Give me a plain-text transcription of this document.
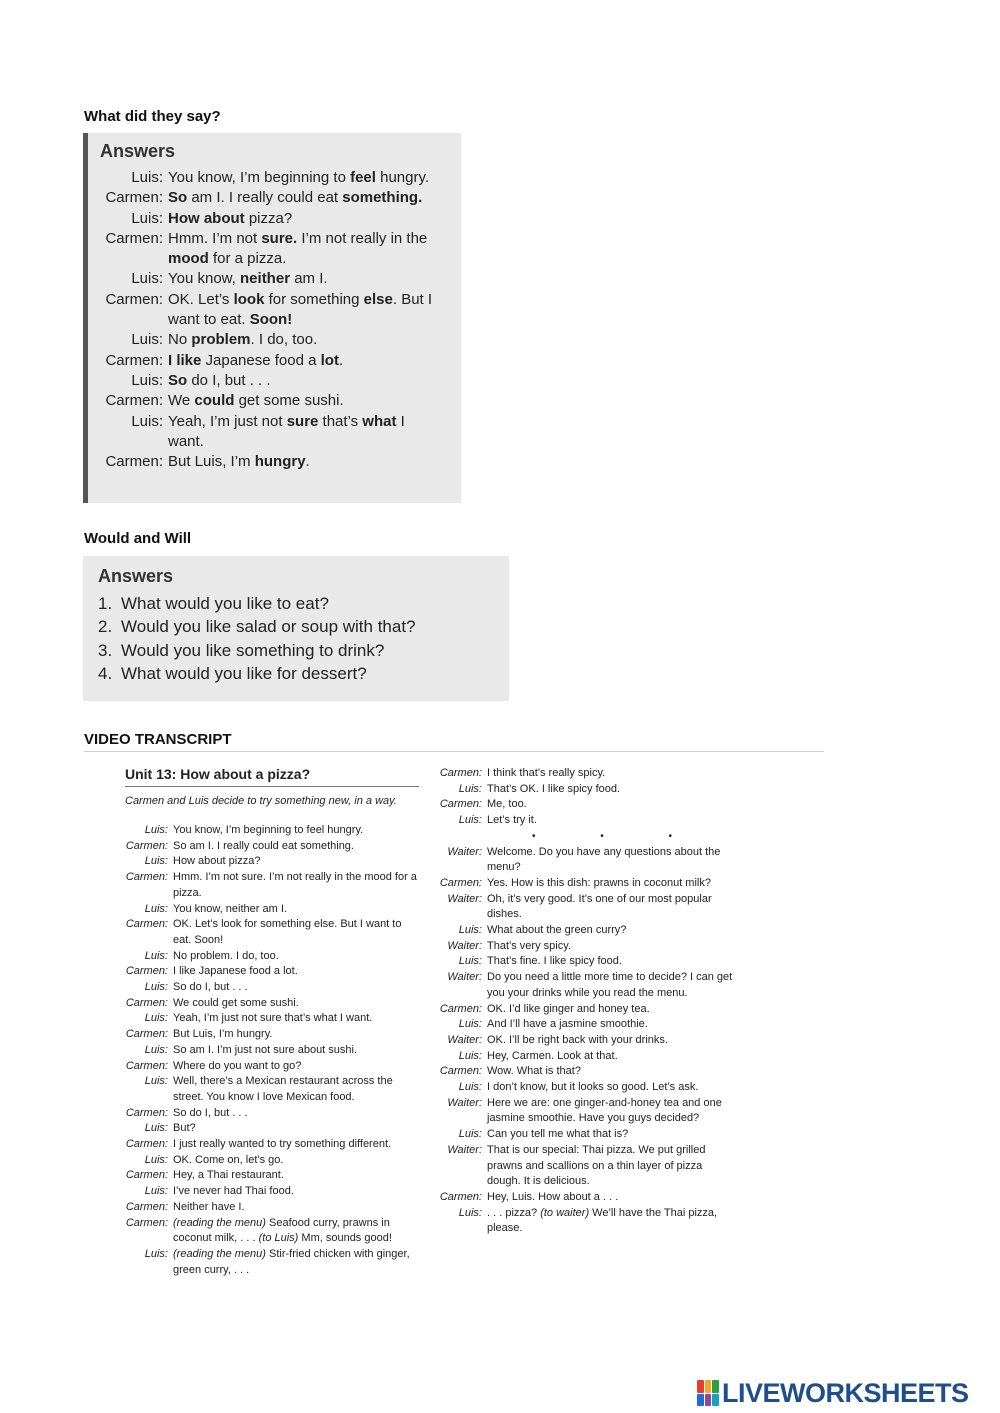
What did they say?
Answers
Luis: You know, I’m beginning to feel hungry.
Carmen: So am I. I really could eat something.
Luis: How about pizza?
Carmen: Hmm. I’m not sure. I’m not really in the mood for a pizza.
Luis: You know, neither am I.
Carmen: OK. Let’s look for something else. But I want to eat. Soon!
Luis: No problem. I do, too.
Carmen: I like Japanese food a lot.
Luis: So do I, but . . .
Carmen: We could get some sushi.
Luis: Yeah, I’m just not sure that’s what I want.
Carmen: But Luis, I’m hungry.
Would and Will
Answers
1. What would you like to eat?
2. Would you like salad or soup with that?
3. Would you like something to drink?
4. What would you like for dessert?
VIDEO TRANSCRIPT
Unit 13: How about a pizza?
Carmen and Luis decide to try something new, in a way.
Luis: You know, I’m beginning to feel hungry.
Carmen: So am I. I really could eat something.
Luis: How about pizza?
Carmen: Hmm. I’m not sure. I’m not really in the mood for a pizza.
Luis: You know, neither am I.
Carmen: OK. Let’s look for something else. But I want to eat. Soon!
Luis: No problem. I do, too.
Carmen: I like Japanese food a lot.
Luis: So do I, but . . .
Carmen: We could get some sushi.
Luis: Yeah, I’m just not sure that’s what I want.
Carmen: But Luis, I’m hungry.
Luis: So am I. I’m just not sure about sushi.
Carmen: Where do you want to go?
Luis: Well, there’s a Mexican restaurant across the street. You know I love Mexican food.
Carmen: So do I, but . . .
Luis: But?
Carmen: I just really wanted to try something different.
Luis: OK. Come on, let’s go.
Carmen: Hey, a Thai restaurant.
Luis: I’ve never had Thai food.
Carmen: Neither have I.
Carmen: (reading the menu) Seafood curry, prawns in coconut milk, . . . (to Luis) Mm, sounds good!
Luis: (reading the menu) Stir-fried chicken with ginger, green curry, . . .
Carmen: I think that’s really spicy.
Luis: That’s OK. I like spicy food.
Carmen: Me, too.
Luis: Let’s try it.
•	•	•
Waiter: Welcome. Do you have any questions about the menu?
Carmen: Yes. How is this dish: prawns in coconut milk?
Waiter: Oh, it’s very good. It’s one of our most popular dishes.
Luis: What about the green curry?
Waiter: That’s very spicy.
Luis: That’s fine. I like spicy food.
Waiter: Do you need a little more time to decide? I can get you your drinks while you read the menu.
Carmen: OK. I’d like ginger and honey tea.
Luis: And I’ll have a jasmine smoothie.
Waiter: OK. I’ll be right back with your drinks.
Luis: Hey, Carmen. Look at that.
Carmen: Wow. What is that?
Luis: I don’t know, but it looks so good. Let’s ask.
Waiter: Here we are: one ginger-and-honey tea and one jasmine smoothie. Have you guys decided?
Luis: Can you tell me what that is?
Waiter: That is our special: Thai pizza. We put grilled prawns and scallions on a thin layer of pizza dough. It is delicious.
Carmen: Hey, Luis. How about a . . .
Luis: . . . pizza? (to waiter) We’ll have the Thai pizza, please.
LIVEWORKSHEETS
